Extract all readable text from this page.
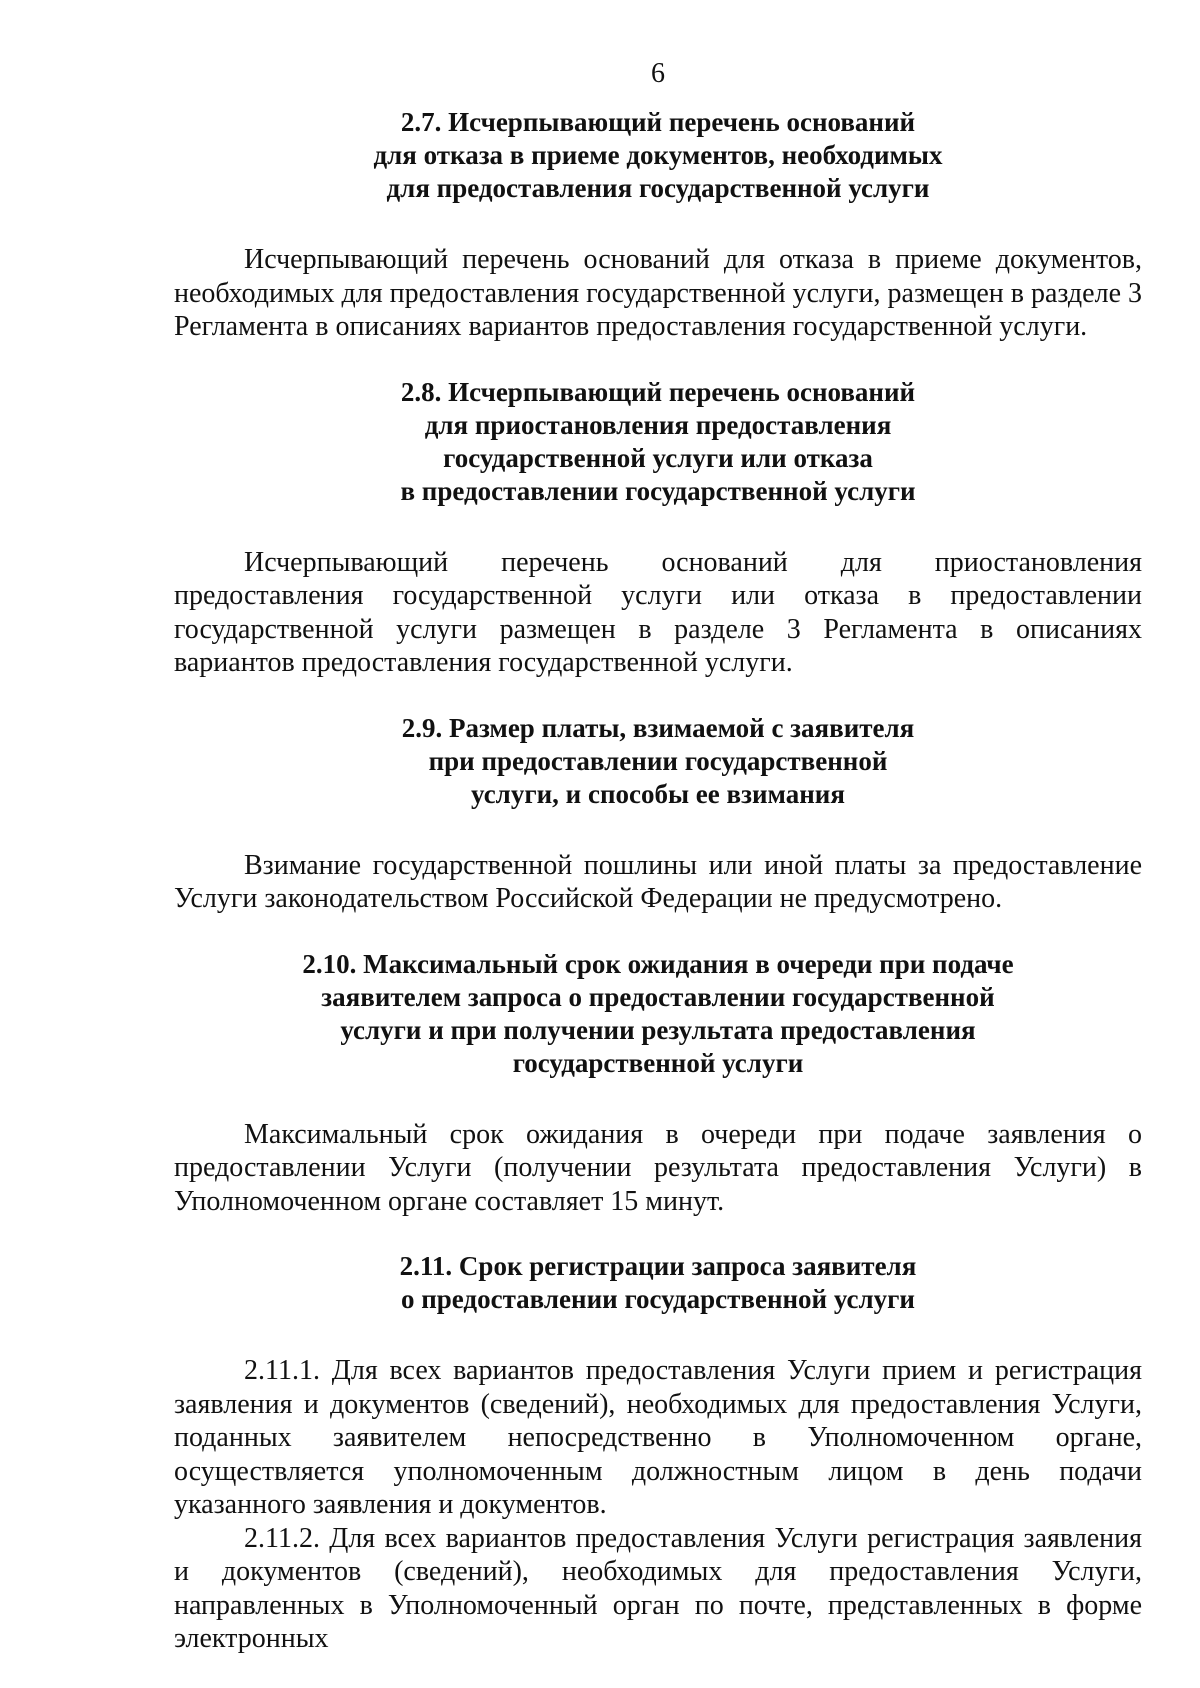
6
2.7. Исчерпывающий перечень оснований
для отказа в приеме документов, необходимых
для предоставления государственной услуги

Исчерпывающий перечень оснований для отказа в приеме документов, необходимых для предоставления государственной услуги, размещен в разделе 3 Регламента в описаниях вариантов предоставления государственной услуги.

2.8. Исчерпывающий перечень оснований
для приостановления предоставления
государственной услуги или отказа
в предоставлении государственной услуги

Исчерпывающий перечень оснований для приостановления предоставления государственной услуги или отказа в предоставлении государственной услуги размещен в разделе 3 Регламента в описаниях вариантов предоставления государственной услуги.

2.9. Размер платы, взимаемой с заявителя
при предоставлении государственной
услуги, и способы ее взимания

Взимание государственной пошлины или иной платы за предоставление Услуги законодательством Российской Федерации не предусмотрено.

2.10. Максимальный срок ожидания в очереди при подаче
заявителем запроса о предоставлении государственной
услуги и при получении результата предоставления
государственной услуги

Максимальный срок ожидания в очереди при подаче заявления о предоставлении Услуги (получении результата предоставления Услуги) в Уполномоченном органе составляет 15 минут.

2.11. Срок регистрации запроса заявителя
о предоставлении государственной услуги

2.11.1. Для всех вариантов предоставления Услуги прием и регистрация заявления и документов (сведений), необходимых для предоставления Услуги, поданных заявителем непосредственно в Уполномоченном органе, осуществляется уполномоченным должностным лицом в день подачи указанного заявления и документов.

2.11.2. Для всех вариантов предоставления Услуги регистрация заявления и документов (сведений), необходимых для предоставления Услуги, направленных в Уполномоченный орган по почте, представленных в форме электронных
